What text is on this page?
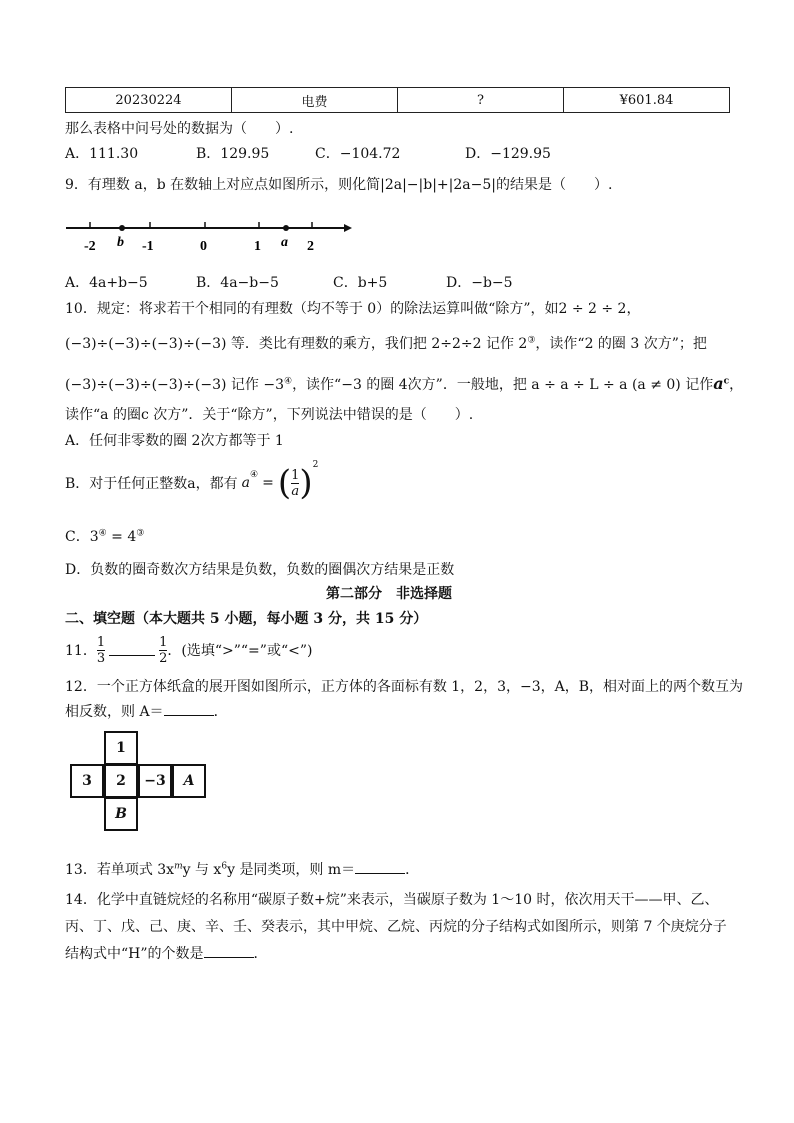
20230224	电费	?	¥601.84
那么表格中问号处的数据为（　　）.
A．111.30	B．129.95	C．−104.72	D．−129.95
9．有理数 a，b 在数轴上对应点如图所示，则化简|2a|−|b|+|2a−5|的结果是（　　）.
-2 b -1	0	1 a 2
A．4a+b−5	B．4a−b−5	C．b+5	D．−b−5
10．规定：将求若干个相同的有理数（均不等于 0）的除法运算叫做“除方”，如2 ÷ 2 ÷ 2，
(−3)÷(−3)÷(−3)÷(−3) 等．类比有理数的乘方，我们把 2÷2÷2 记作 2③，读作“2 的圈 3 次方”；把
(−3)÷(−3)÷(−3)÷(−3) 记作 −3④，读作“−3 的圈 4次方”．一般地，把 a ÷ a ÷ L ÷ a (a ≠ 0) 记作$a^c$，
读作“a 的圈c 次方”．关于“除方”，下列说法中错误的是（　　）.
A．任何非零数的圈 2次方都等于 1
B．对于任何正整数a，都有 a ④ = ( $\frac{1}{a}$ ) 2
C．3④ = 4③
D．负数的圈奇数次方结果是负数，负数的圈偶次方结果是正数
第二部分　非选择题
二、填空题（本大题共 5 小题，每小题 3 分，共 15 分）
11． $\frac{1}{3}$	$\frac{1}{2}$ ．(选填“>”“=”或“<”)
12．一个正方体纸盒的展开图如图所示，正方体的各面标有数 1，2，3，−3，A，B，相对面上的两个数互为
相反数，则 A＝	．
1
3	2	−3	A
B
13．若单项式 $3x^my$ 与 $x^6y$ 是同类项，则 m＝	．
14．化学中直链烷烃的名称用“碳原子数+烷”来表示，当碳原子数为 1～10 时，依次用天干——甲、乙、
丙、丁、戊、己、庚、辛、壬、癸表示，其中甲烷、乙烷、丙烷的分子结构式如图所示，则第 7 个庚烷分子
结构式中“H”的个数是	．
